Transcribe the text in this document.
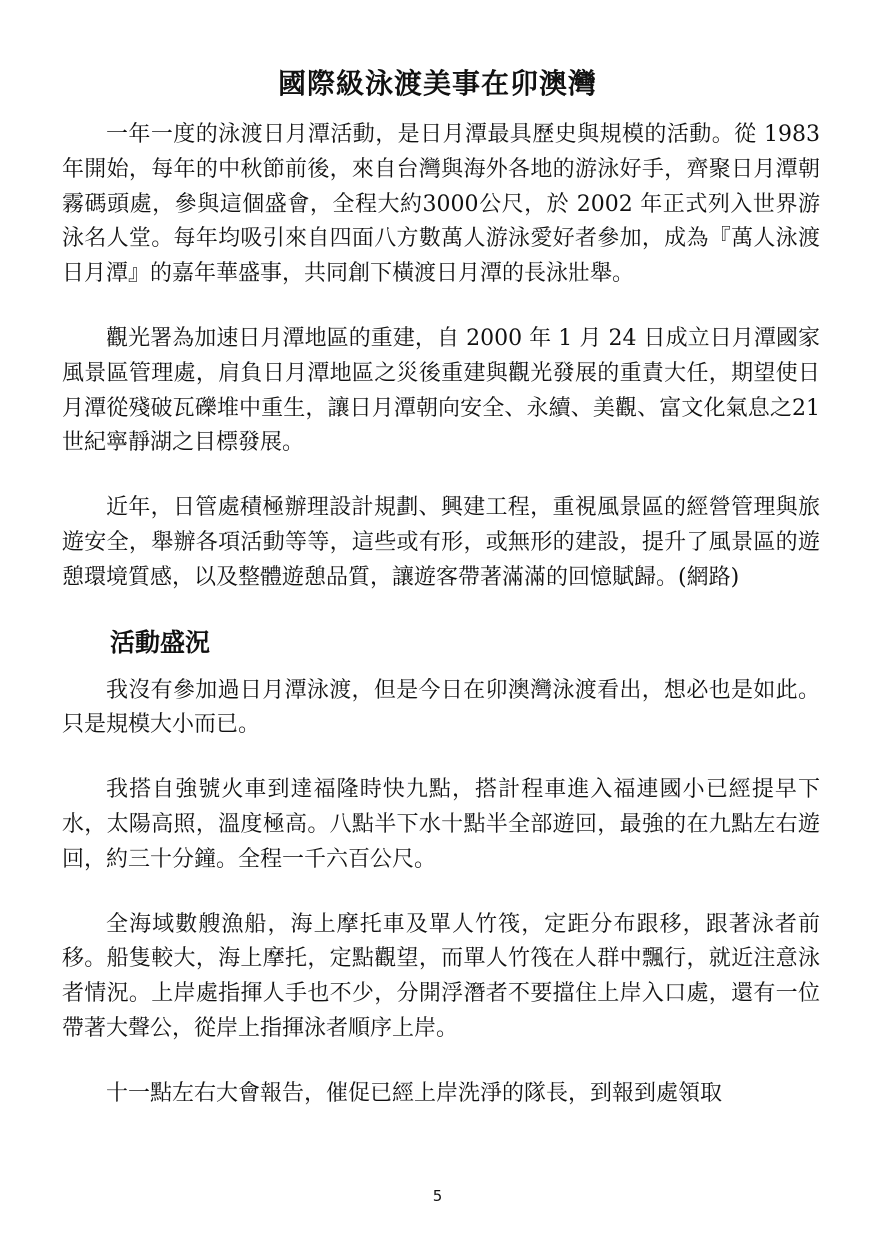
國際級泳渡美事在卯澳灣

一年一度的泳渡日月潭活動，是日月潭最具歷史與規模的活動。從 1983 年開始，每年的中秋節前後，來自台灣與海外各地的游泳好手，齊聚日月潭朝霧碼頭處，參與這個盛會，全程大約3000公尺，於 2002 年正式列入世界游泳名人堂。每年均吸引來自四面八方數萬人游泳愛好者參加，成為『萬人泳渡日月潭』的嘉年華盛事，共同創下橫渡日月潭的長泳壯舉。

觀光署為加速日月潭地區的重建，自 2000 年 1 月 24 日成立日月潭國家風景區管理處，肩負日月潭地區之災後重建與觀光發展的重責大任，期望使日月潭從殘破瓦礫堆中重生，讓日月潭朝向安全、永續、美觀、富文化氣息之21世紀寧靜湖之目標發展。

近年，日管處積極辦理設計規劃、興建工程，重視風景區的經營管理與旅遊安全，舉辦各項活動等等，這些或有形，或無形的建設，提升了風景區的遊憩環境質感，以及整體遊憩品質，讓遊客帶著滿滿的回憶賦歸。(網路)

活動盛況

我沒有參加過日月潭泳渡，但是今日在卯澳灣泳渡看出，想必也是如此。只是規模大小而已。

我搭自強號火車到達福隆時快九點，搭計程車進入福連國小已經提早下水，太陽高照，溫度極高。八點半下水十點半全部遊回，最強的在九點左右遊回，約三十分鐘。全程一千六百公尺。

全海域數艘漁船，海上摩托車及單人竹筏，定距分布跟移，跟著泳者前移。船隻較大，海上摩托，定點觀望，而單人竹筏在人群中飄行，就近注意泳者情況。上岸處指揮人手也不少，分開浮潛者不要擋住上岸入口處，還有一位帶著大聲公，從岸上指揮泳者順序上岸。

十一點左右大會報告，催促已經上岸洗淨的隊長，到報到處領取

5
